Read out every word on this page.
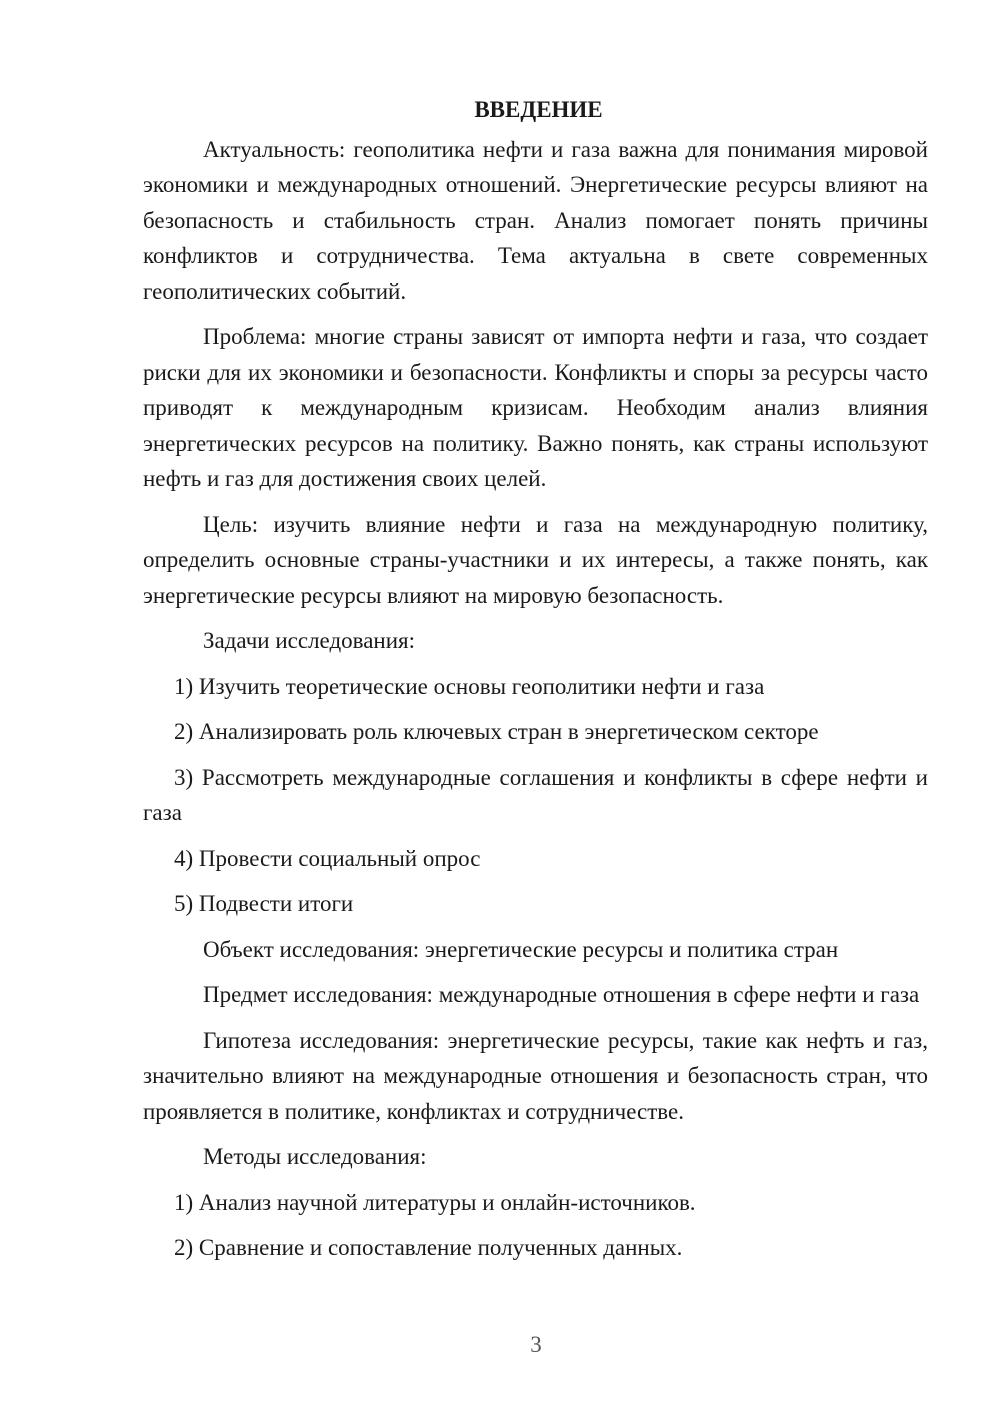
ВВЕДЕНИЕ

Актуальность: геополитика нефти и газа важна для понимания мировой экономики и международных отношений. Энергетические ресурсы влияют на безопасность и стабильность стран. Анализ помогает понять причины конфликтов и сотрудничества. Тема актуальна в свете современных геополитических событий.

Проблема: многие страны зависят от импорта нефти и газа, что создает риски для их экономики и безопасности. Конфликты и споры за ресурсы часто приводят к международным кризисам. Необходим анализ влияния энергетических ресурсов на политику. Важно понять, как страны используют нефть и газ для достижения своих целей.

Цель: изучить влияние нефти и газа на международную политику, определить основные страны-участники и их интересы, а также понять, как энергетические ресурсы влияют на мировую безопасность.

Задачи исследования:

1) Изучить теоретические основы геополитики нефти и газа

2) Анализировать роль ключевых стран в энергетическом секторе

3) Рассмотреть международные соглашения и конфликты в сфере нефти и газа

4) Провести социальный опрос

5) Подвести итоги

Объект исследования: энергетические ресурсы и политика стран

Предмет исследования: международные отношения в сфере нефти и газа

Гипотеза исследования: энергетические ресурсы, такие как нефть и газ, значительно влияют на международные отношения и безопасность стран, что проявляется в политике, конфликтах и сотрудничестве.

Методы исследования:

1) Анализ научной литературы и онлайн-источников.

2) Сравнение и сопоставление полученных данных.

3
